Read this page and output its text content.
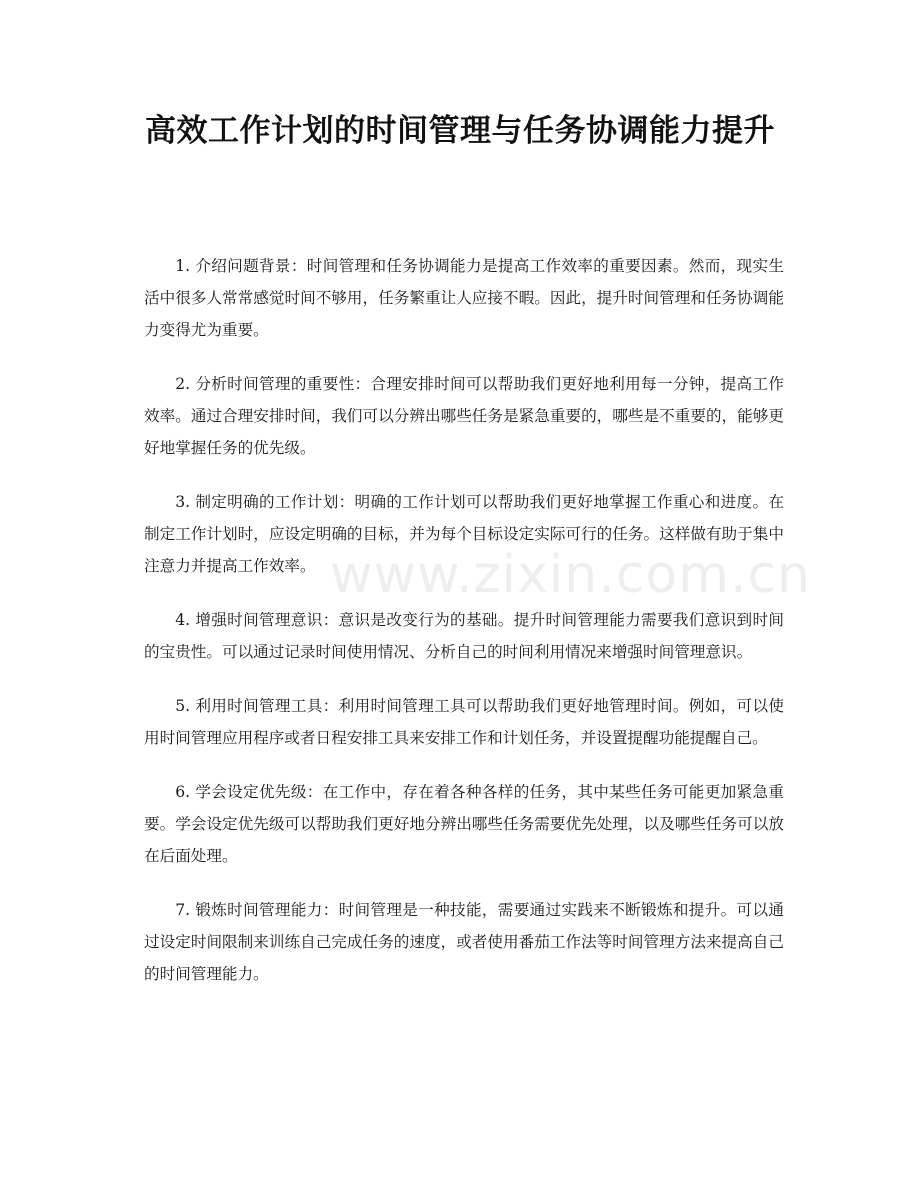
高效工作计划的时间管理与任务协调能力提升

1. 介绍问题背景：时间管理和任务协调能力是提高工作效率的重要因素。然而，现实生活中很多人常常感觉时间不够用，任务繁重让人应接不暇。因此，提升时间管理和任务协调能力变得尤为重要。

2. 分析时间管理的重要性：合理安排时间可以帮助我们更好地利用每一分钟，提高工作效率。通过合理安排时间，我们可以分辨出哪些任务是紧急重要的，哪些是不重要的，能够更好地掌握任务的优先级。

3. 制定明确的工作计划：明确的工作计划可以帮助我们更好地掌握工作重心和进度。在制定工作计划时，应设定明确的目标，并为每个目标设定实际可行的任务。这样做有助于集中注意力并提高工作效率。

4. 增强时间管理意识：意识是改变行为的基础。提升时间管理能力需要我们意识到时间的宝贵性。可以通过记录时间使用情况、分析自己的时间利用情况来增强时间管理意识。

5. 利用时间管理工具：利用时间管理工具可以帮助我们更好地管理时间。例如，可以使用时间管理应用程序或者日程安排工具来安排工作和计划任务，并设置提醒功能提醒自己。

6. 学会设定优先级：在工作中，存在着各种各样的任务，其中某些任务可能更加紧急重要。学会设定优先级可以帮助我们更好地分辨出哪些任务需要优先处理，以及哪些任务可以放在后面处理。

7. 锻炼时间管理能力：时间管理是一种技能，需要通过实践来不断锻炼和提升。可以通过设定时间限制来训练自己完成任务的速度，或者使用番茄工作法等时间管理方法来提高自己的时间管理能力。

www.zixin.com.cn
